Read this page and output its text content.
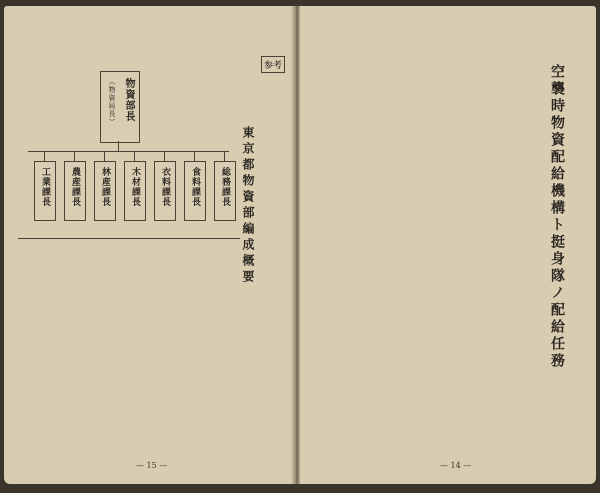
参考
東京都物資部編成概要
物資部長
（物資局長）
総務課長
食料課長
衣料課長
木材課長
林産課長
農産課長
工業課長
— 15 —
空襲時物資配給機構ト挺身隊ノ配給任務
— 14 —
